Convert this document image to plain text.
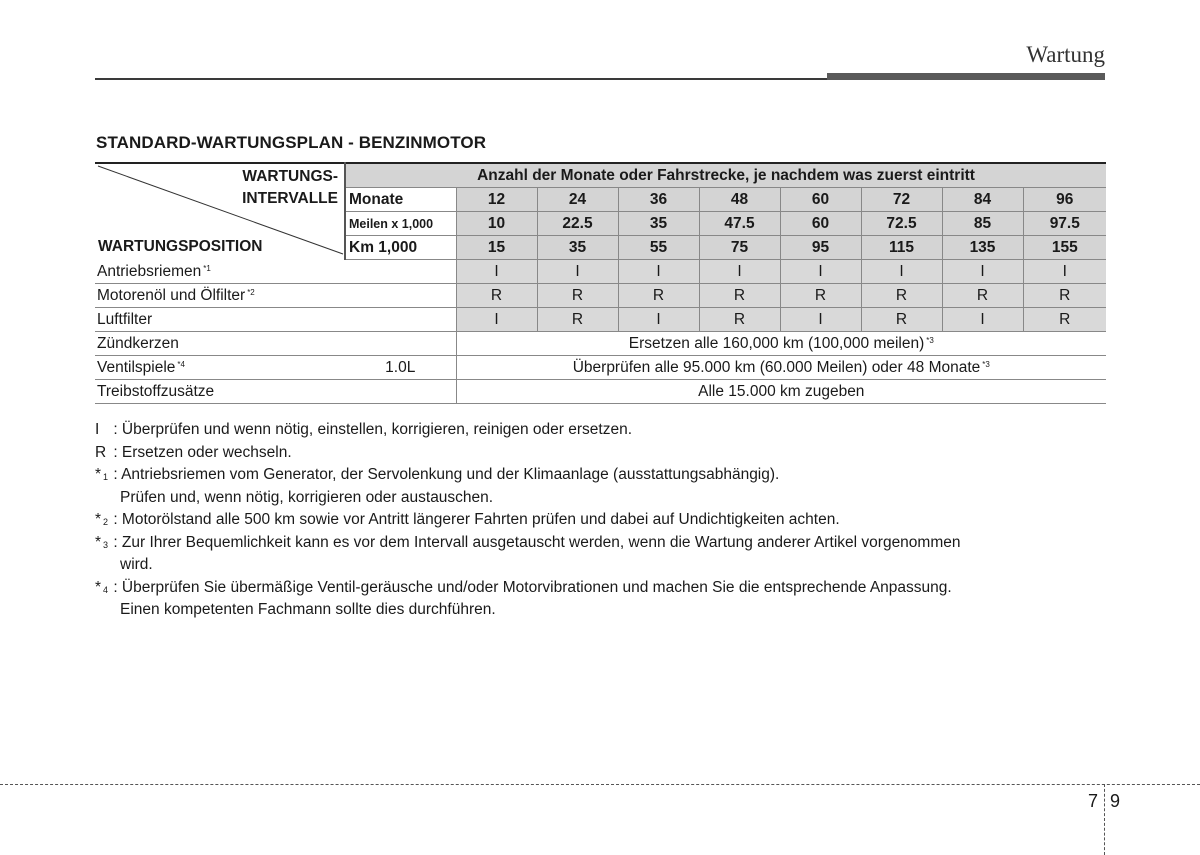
Wartung
STANDARD-WARTUNGSPLAN - BENZINMOTOR
WARTUNGS-
INTERVALLE
WARTUNGSPOSITION	Anzahl der Monate oder Fahrstrecke, je nachdem was zuerst eintritt								
	Monate	12	24	36	48	60	72	84	96
	Meilen x 1,000	10	22.5	35	47.5	60	72.5	85	97.5
	Km 1,000	15	35	55	75	95	115	135	155
Antriebsriemen $^{*1}$		I	I	I	I	I	I	I	I
Motorenöl und Ölfilter $^{*2}$		R	R	R	R	R	R	R	R
Luftfilter		I	R	I	R	I	R	I	R
Zündkerzen		Ersetzen alle 160,000 km (100,000 meilen) $^{*3}$
Ventilspiele $^{*4}$	1.0L	Überprüfen alle 95.000 km (60.000 Meilen) oder 48 Monate $^{*3}$
Treibstoffzusätze		Alle 15.000 km zugeben							
I : Überprüfen und wenn nötig, einstellen, korrigieren, reinigen oder ersetzen.
R : Ersetzen oder wechseln.
* $^1$ : Antriebsriemen vom Generator, der Servolenkung und der Klimaanlage (ausstattungsabhängig).
Prüfen und, wenn nötig, korrigieren oder austauschen.
* $^2$ : Motorölstand alle 500 km sowie vor Antritt längerer Fahrten prüfen und dabei auf Undichtigkeiten achten.
* $^3$ : Zur Ihrer Bequemlichkeit kann es vor dem Intervall ausgetauscht werden, wenn die Wartung anderer Artikel vorgenommen
wird.
* $^4$ : Überprüfen Sie übermäßige Ventil-geräusche und/oder Motorvibrationen und machen Sie die entsprechende Anpassung.
Einen kompetenten Fachmann sollte dies durchführen.
7 9
